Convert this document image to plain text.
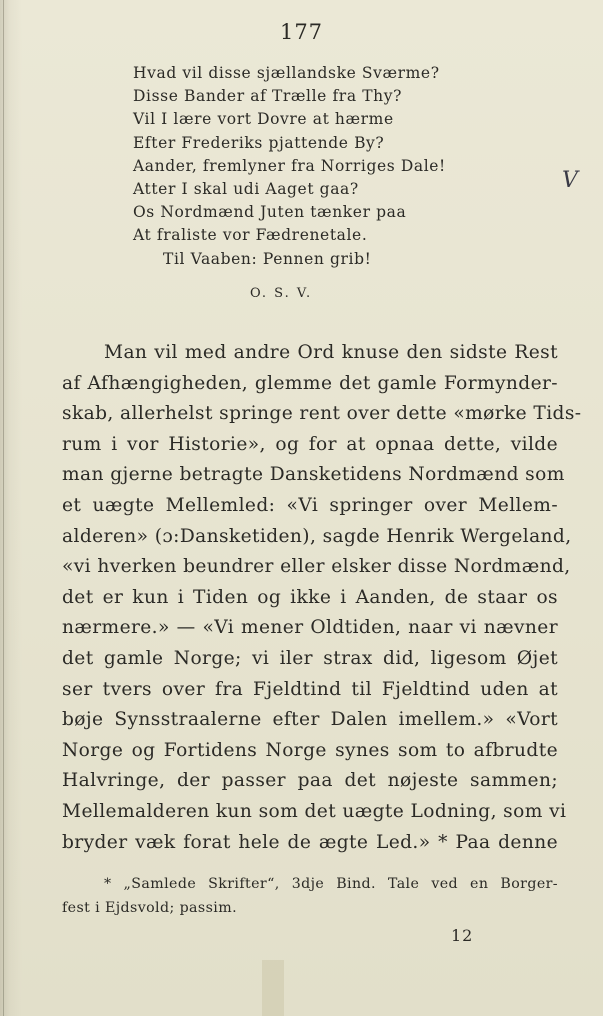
177
Hvad vil disse sjællandske Sværme?
Disse Bander af Trælle fra Thy?
Vil I lære vort Dovre at hærme
Efter Frederiks pjattende By?
Aander, fremlyner fra Norriges Dale!
Atter I skal udi Aaget gaa?
Os Nordmænd Juten tænker paa
At fraliste vor Fædrenetale.
Til Vaaben: Pennen grib!
O. S. V.
V
Man vil med andre Ord knuse den sidste Rest
af Afhængigheden, glemme det gamle Formynder-
skab, allerhelst springe rent over dette «mørke Tids-
rum i vor Historie», og for at opnaa dette, vilde
man gjerne betragte Dansketidens Nordmænd som
et uægte Mellemled: «Vi springer over Mellem-
alderen» (ɔ:Dansketiden), sagde Henrik Wergeland,
«vi hverken beundrer eller elsker disse Nordmænd,
det er kun i Tiden og ikke i Aanden, de staar os
nærmere.» — «Vi mener Oldtiden, naar vi nævner
det gamle Norge; vi iler strax did, ligesom Øjet
ser tvers over fra Fjeldtind til Fjeldtind uden at
bøje Synsstraalerne efter Dalen imellem.» «Vort
Norge og Fortidens Norge synes som to afbrudte
Halvringe, der passer paa det nøjeste sammen;
Mellemalderen kun som det uægte Lodning, som vi
bryder væk forat hele de ægte Led.» * Paa denne
* „Samlede Skrifter“, 3dje Bind. Tale ved en Borger-
fest i Ejdsvold; passim.
12
